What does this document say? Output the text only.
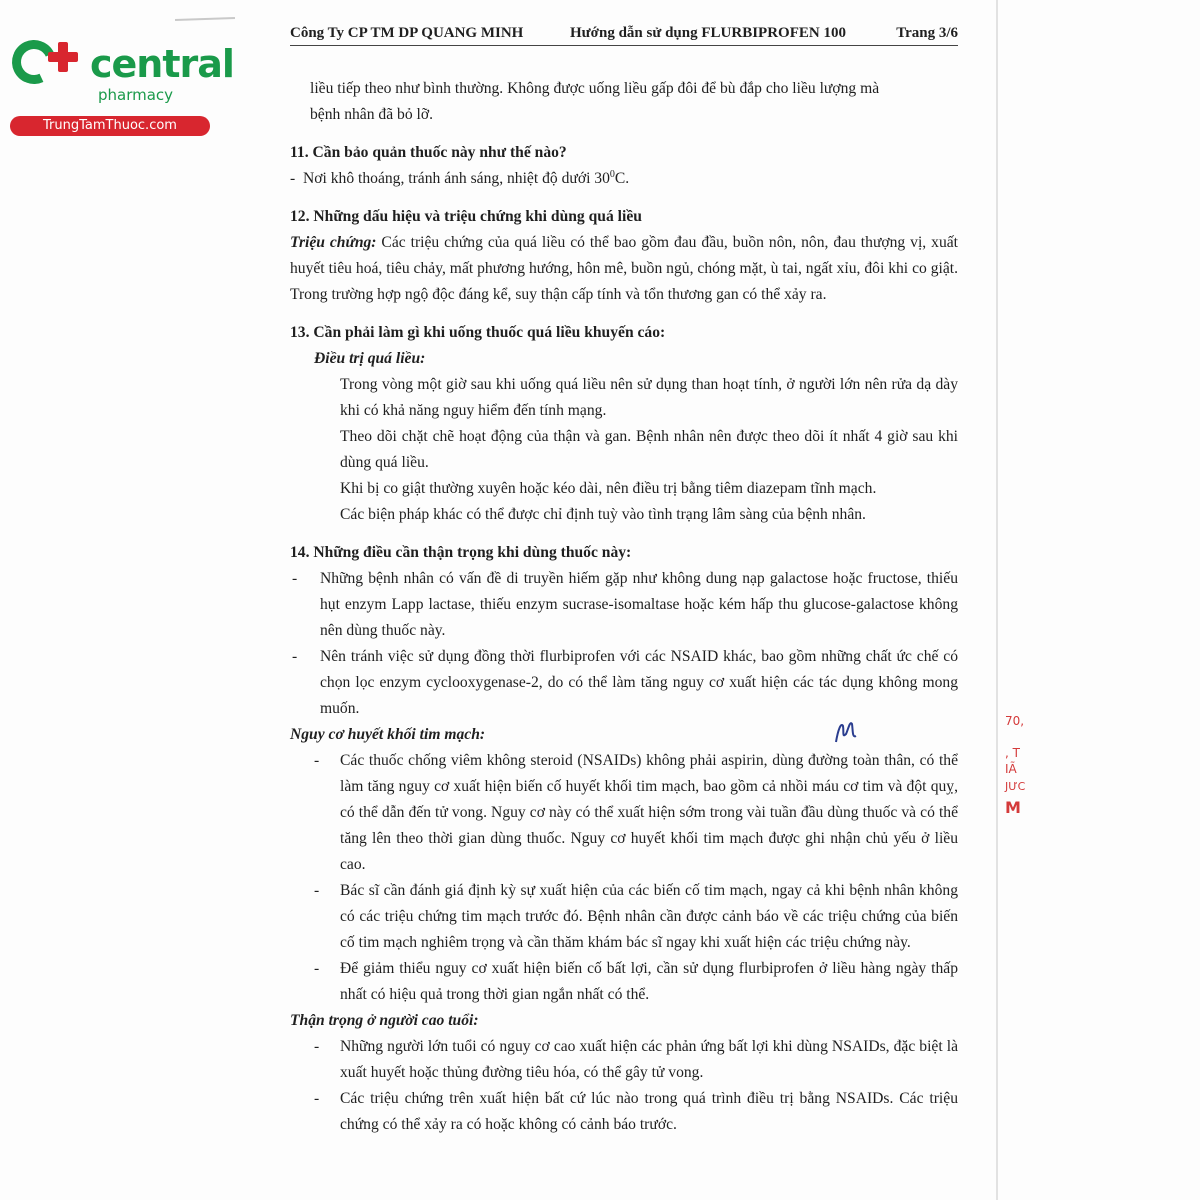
central
pharmacy
TrungTamThuoc.com
Công Ty CP TM DP QUANG MINH	Hướng dẫn sử dụng FLURBIPROFEN 100	Trang 3/6

liều tiếp theo như bình thường. Không được uống liều gấp đôi để bù đắp cho liều lượng mà

bệnh nhân đã bỏ lỡ.

11. Cần bảo quản thuốc này như thế nào?

- Nơi khô thoáng, tránh ánh sáng, nhiệt độ dưới $30^0C$.

12. Những dấu hiệu và triệu chứng khi dùng quá liều

Triệu chứng: Các triệu chứng của quá liều có thể bao gồm đau đầu, buồn nôn, nôn, đau thượng vị, xuất huyết tiêu hoá, tiêu chảy, mất phương hướng, hôn mê, buồn ngủ, chóng mặt, ù tai, ngất xỉu, đôi khi co giật. Trong trường hợp ngộ độc đáng kể, suy thận cấp tính và tổn thương gan có thể xảy ra.

13. Cần phải làm gì khi uống thuốc quá liều khuyến cáo:

Điều trị quá liều:

Trong vòng một giờ sau khi uống quá liều nên sử dụng than hoạt tính, ở người lớn nên rửa dạ dày khi có khả năng nguy hiểm đến tính mạng.

Theo dõi chặt chẽ hoạt động của thận và gan. Bệnh nhân nên được theo dõi ít nhất 4 giờ sau khi dùng quá liều.

Khi bị co giật thường xuyên hoặc kéo dài, nên điều trị bằng tiêm diazepam tĩnh mạch.

Các biện pháp khác có thể được chỉ định tuỳ vào tình trạng lâm sàng của bệnh nhân.

14. Những điều cần thận trọng khi dùng thuốc này:

- Những bệnh nhân có vấn đề di truyền hiếm gặp như không dung nạp galactose hoặc fructose, thiếu hụt enzym Lapp lactase, thiếu enzym sucrase-isomaltase hoặc kém hấp thu glucose-galactose không nên dùng thuốc này.

- Nên tránh việc sử dụng đồng thời flurbiprofen với các NSAID khác, bao gồm những chất ức chế có chọn lọc enzym cyclooxygenase-2, do có thể làm tăng nguy cơ xuất hiện các tác dụng không mong muốn.

Nguy cơ huyết khối tim mạch:

- Các thuốc chống viêm không steroid (NSAIDs) không phải aspirin, dùng đường toàn thân, có thể làm tăng nguy cơ xuất hiện biến cố huyết khối tim mạch, bao gồm cả nhồi máu cơ tim và đột quỵ, có thể dẫn đến tử vong. Nguy cơ này có thể xuất hiện sớm trong vài tuần đầu dùng thuốc và có thể tăng lên theo thời gian dùng thuốc. Nguy cơ huyết khối tim mạch được ghi nhận chủ yếu ở liều cao.

- Bác sĩ cần đánh giá định kỳ sự xuất hiện của các biến cố tim mạch, ngay cả khi bệnh nhân không có các triệu chứng tim mạch trước đó. Bệnh nhân cần được cảnh báo về các triệu chứng của biến cố tim mạch nghiêm trọng và cần thăm khám bác sĩ ngay khi xuất hiện các triệu chứng này.

- Để giảm thiểu nguy cơ xuất hiện biến cố bất lợi, cần sử dụng flurbiprofen ở liều hàng ngày thấp nhất có hiệu quả trong thời gian ngắn nhất có thể.

Thận trọng ở người cao tuổi:

- Những người lớn tuổi có nguy cơ cao xuất hiện các phản ứng bất lợi khi dùng NSAIDs, đặc biệt là xuất huyết hoặc thủng đường tiêu hóa, có thể gây tử vong.

- Các triệu chứng trên xuất hiện bất cứ lúc nào trong quá trình điều trị bằng NSAIDs. Các triệu chứng có thể xảy ra có hoặc không có cảnh báo trước.

70,
, T
IÃ
JƯC
M
